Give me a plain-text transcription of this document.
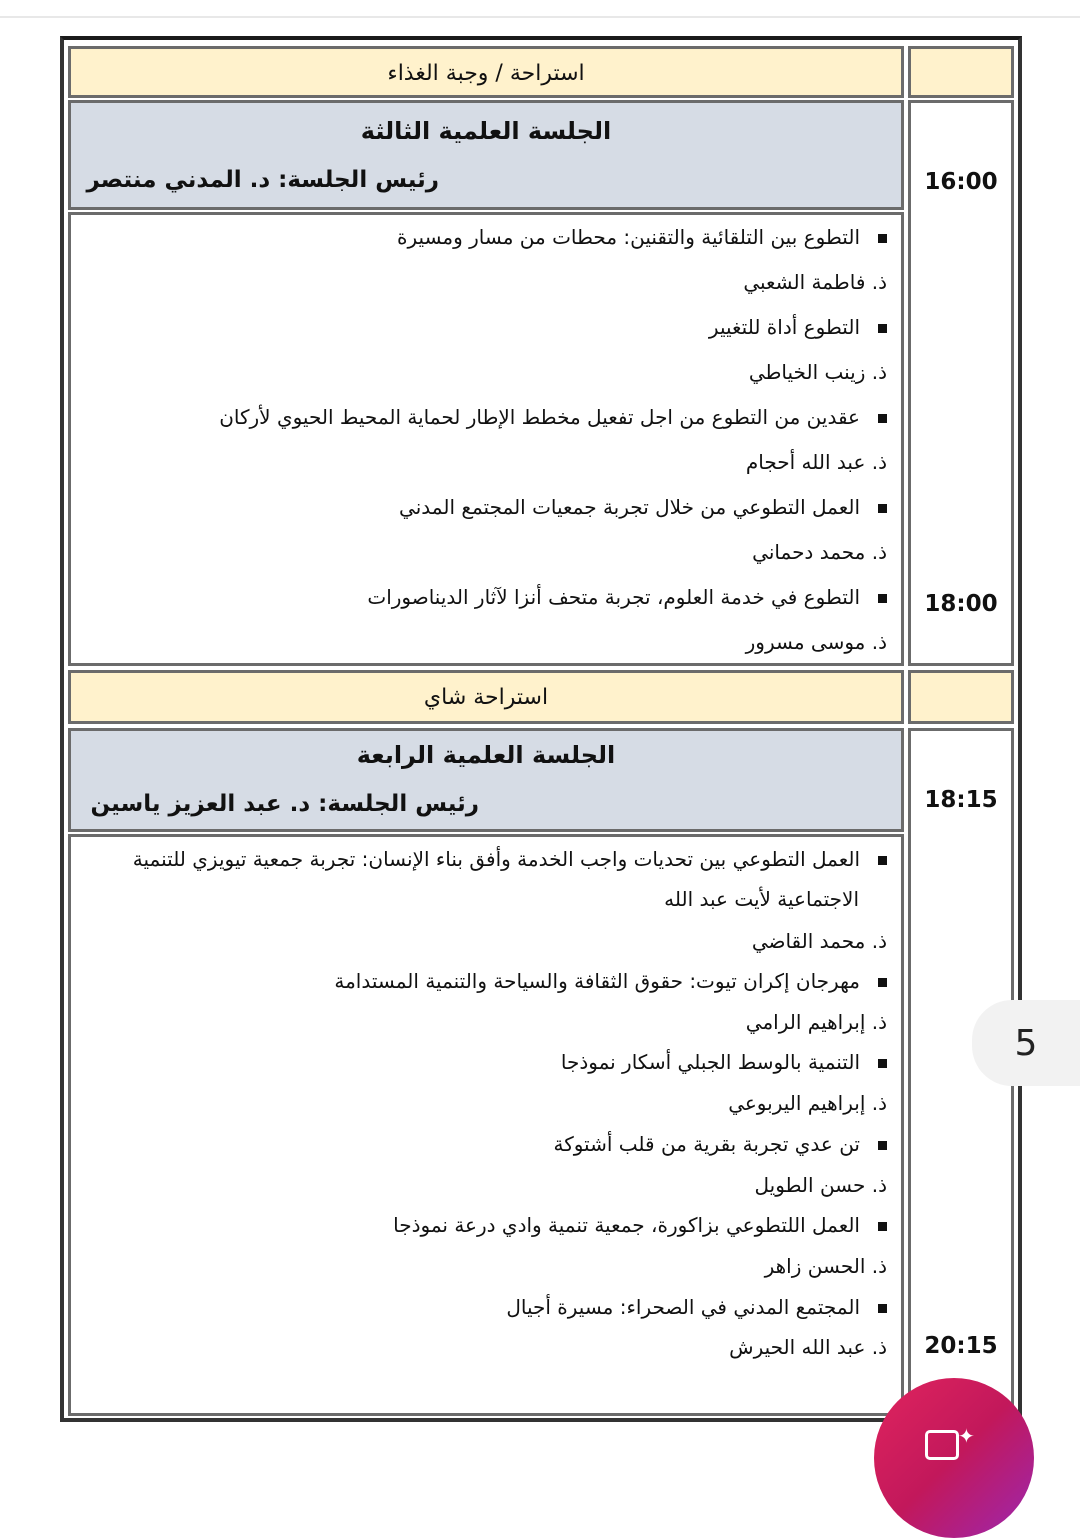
استراحة / وجبة الغذاء
الجلسة العلمية الثالثة
رئيس الجلسة: د. المدني منتصر	16:00
18:00
التطوع بين التلقائية والتقنين: محطات من مسار ومسيرة
ذ. فاطمة الشعبي
التطوع أداة للتغيير
ذ. زينب الخياطي
عقدين من التطوع من اجل تفعيل مخطط الإطار لحماية المحيط الحيوي لأركان
ذ. عبد الله أحجام
العمل التطوعي من خلال تجربة جمعيات المجتمع المدني
ذ. محمد دحماني
التطوع في خدمة العلوم، تجربة متحف أنزا لآثار الديناصورات
ذ. موسى مسرور
استراحة شاي
الجلسة العلمية الرابعة
رئيس الجلسة: د. عبد العزيز ياسين	18:15
20:15
العمل التطوعي بين تحديات واجب الخدمة وأفق بناء الإنسان: تجربة جمعية تيويزي للتنمية
الاجتماعية لأيت عبد الله
ذ. محمد القاضي
مهرجان إكران تيوت: حقوق الثقافة والسياحة والتنمية المستدامة
ذ. إبراهيم الرامي
التنمية بالوسط الجبلي أسكار نموذجا
ذ. إبراهيم اليربوعي
تن عدي تجربة بقرية من قلب أشتوكة
ذ. حسن الطويل
العمل اللتطوعي بزاكورة، جمعية تنمية وادي درعة نموذجا
ذ. الحسن زاهر
المجتمع المدني في الصحراء: مسيرة أجيال
ذ. عبد الله الحيرش
5
✦
